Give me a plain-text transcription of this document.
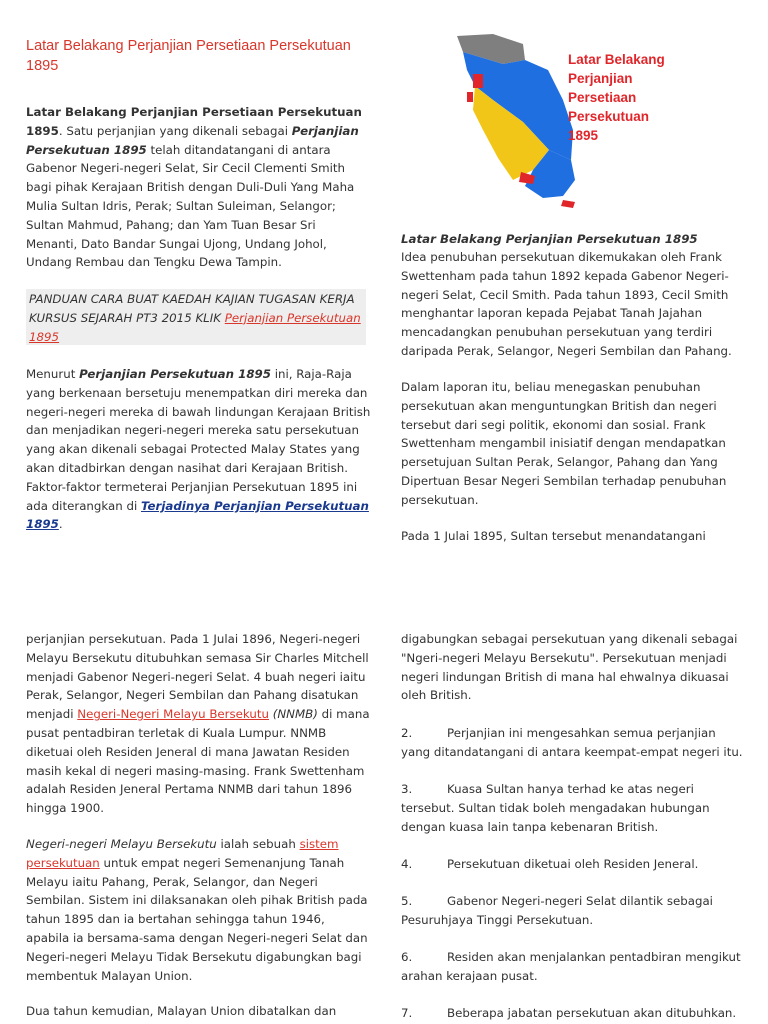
Latar Belakang Perjanjian Persetiaan Persekutuan 1895
Latar Belakang Perjanjian Persetiaan Persekutuan 1895. Satu perjanjian yang dikenali sebagai Perjanjian Persekutuan 1895 telah ditandatangani di antara Gabenor Negeri-negeri Selat, Sir Cecil Clementi Smith bagi pihak Kerajaan British dengan Duli-Duli Yang Maha Mulia Sultan Idris, Perak; Sultan Suleiman, Selangor; Sultan Mahmud, Pahang; dan Yam Tuan Besar Sri Menanti, Dato Bandar Sungai Ujong, Undang Johol, Undang Rembau dan Tengku Dewa Tampin.
PANDUAN CARA BUAT KAEDAH KAJIAN TUGASAN KERJA KURSUS SEJARAH PT3 2015 KLIK Perjanjian Persekutuan 1895
Menurut Perjanjian Persekutuan 1895 ini, Raja-Raja yang berkenaan bersetuju menempatkan diri mereka dan negeri-negeri mereka di bawah lindungan Kerajaan British dan menjadikan negeri-negeri mereka satu persekutuan yang akan dikenali sebagai Protected Malay States yang akan ditadbirkan dengan nasihat dari Kerajaan British. Faktor-faktor termeterai Perjanjian Persekutuan 1895 ini ada diterangkan di Terjadinya Perjanjian Persekutuan 1895.
Latar Belakang
Perjanjian
Persetiaan
Persekutuan
1895
Latar Belakang Perjanjian Persekutuan 1895
Idea penubuhan persekutuan dikemukakan oleh Frank Swettenham pada tahun 1892 kepada Gabenor Negeri-negeri Selat, Cecil Smith. Pada tahun 1893, Cecil Smith menghantar laporan kepada Pejabat Tanah Jajahan mencadangkan penubuhan persekutuan yang terdiri daripada Perak, Selangor, Negeri Sembilan dan Pahang.
Dalam laporan itu, beliau menegaskan penubuhan persekutuan akan menguntungkan British dan negeri tersebut dari segi politik, ekonomi dan sosial. Frank Swettenham mengambil inisiatif dengan mendapatkan persetujuan Sultan Perak, Selangor, Pahang dan Yang Dipertuan Besar Negeri Sembilan terhadap penubuhan persekutuan.
Pada 1 Julai 1895, Sultan tersebut menandatangani
perjanjian persekutuan. Pada 1 Julai 1896, Negeri-negeri Melayu Bersekutu ditubuhkan semasa Sir Charles Mitchell menjadi Gabenor Negeri-negeri Selat. 4 buah negeri iaitu Perak, Selangor, Negeri Sembilan dan Pahang disatukan menjadi Negeri-Negeri Melayu Bersekutu (NNMB) di mana pusat pentadbiran terletak di Kuala Lumpur. NNMB diketuai oleh Residen Jeneral di mana Jawatan Residen masih kekal di negeri masing-masing. Frank Swettenham adalah Residen Jeneral Pertama NNMB dari tahun 1896 hingga 1900.
Negeri-negeri Melayu Bersekutu ialah sebuah sistem persekutuan untuk empat negeri Semenanjung Tanah Melayu iaitu Pahang, Perak, Selangor, dan Negeri Sembilan. Sistem ini dilaksanakan oleh pihak British pada tahun 1895 dan ia bertahan sehingga tahun 1946, apabila ia bersama-sama dengan Negeri-negeri Selat dan Negeri-negeri Melayu Tidak Bersekutu digabungkan bagi membentuk Malayan Union.
Dua tahun kemudian, Malayan Union dibatalkan dan
digabungkan sebagai persekutuan yang dikenali sebagai "Ngeri-negeri Melayu Bersekutu". Persekutuan menjadi negeri lindungan British di mana hal ehwalnya dikuasai oleh British.
2.	Perjanjian ini mengesahkan semua perjanjian yang ditandatangani di antara keempat-empat negeri itu.
3.	Kuasa Sultan hanya terhad ke atas negeri tersebut. Sultan tidak boleh mengadakan hubungan dengan kuasa lain tanpa kebenaran British.
4.	Persekutuan diketuai oleh Residen Jeneral.
5.	Gabenor Negeri-negeri Selat dilantik sebagai Pesuruhjaya Tinggi Persekutuan.
6.	Residen akan menjalankan pentadbiran mengikut arahan kerajaan pusat.
7.	Beberapa jabatan persekutuan akan ditubuhkan.
